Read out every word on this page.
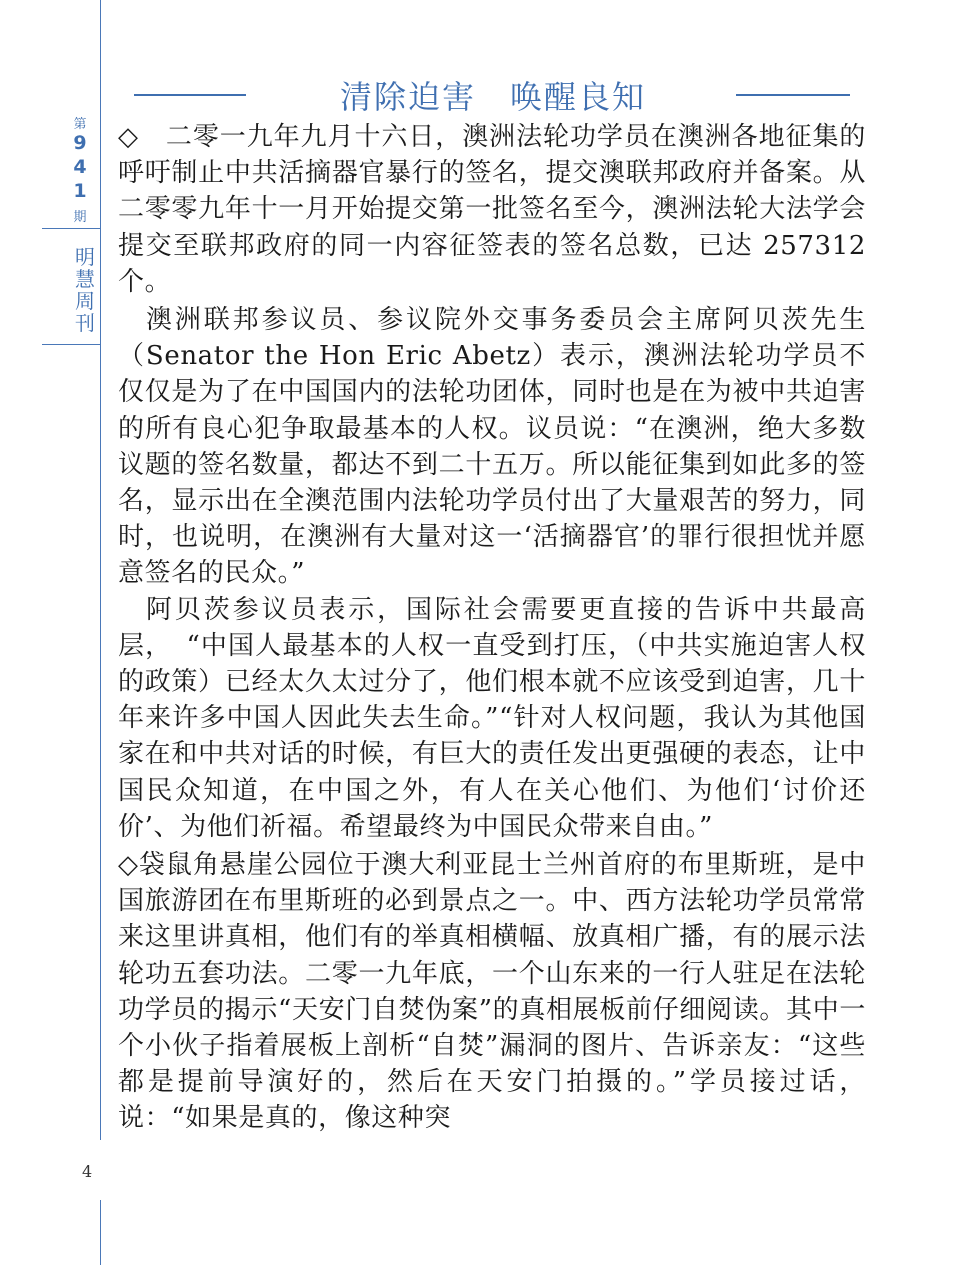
第
9
4
1
期
明
慧
周
刊
清除迫害　唤醒良知

◇　二零一九年九月十六日，澳洲法轮功学员在澳洲各地征集的呼吁制止中共活摘器官暴行的签名，提交澳联邦政府并备案。从二零零九年十一月开始提交第一批签名至今，澳洲法轮大法学会提交至联邦政府的同一内容征签表的签名总数，已达 257312 个。

澳洲联邦参议员、参议院外交事务委员会主席阿贝茨先生（Senator the Hon Eric Abetz）表示，澳洲法轮功学员不仅仅是为了在中国国内的法轮功团体，同时也是在为被中共迫害的所有良心犯争取最基本的人权。议员说：“在澳洲，绝大多数议题的签名数量，都达不到二十五万。所以能征集到如此多的签名，显示出在全澳范围内法轮功学员付出了大量艰苦的努力，同时，也说明，在澳洲有大量对这一‘活摘器官’的罪行很担忧并愿意签名的民众。”

阿贝茨参议员表示，国际社会需要更直接的告诉中共最高层，　“中国人最基本的人权一直受到打压，（中共实施迫害人权的政策）已经太久太过分了，他们根本就不应该受到迫害，几十年来许多中国人因此失去生命。”“针对人权问题，我认为其他国家在和中共对话的时候，有巨大的责任发出更强硬的表态，让中国民众知道，在中国之外，有人在关心他们、为他们‘讨价还价’、为他们祈福。希望最终为中国民众带来自由。”

◇袋鼠角悬崖公园位于澳大利亚昆士兰州首府的布里斯班，是中国旅游团在布里斯班的必到景点之一。中、西方法轮功学员常常来这里讲真相，他们有的举真相横幅、放真相广播，有的展示法轮功五套功法。二零一九年底，一个山东来的一行人驻足在法轮功学员的揭示“天安门自焚伪案”的真相展板前仔细阅读。其中一个小伙子指着展板上剖析“自焚”漏洞的图片、告诉亲友：“这些都是提前导演好的，然后在天安门拍摄的。”学员接过话，说：“如果是真的，像这种突

4
